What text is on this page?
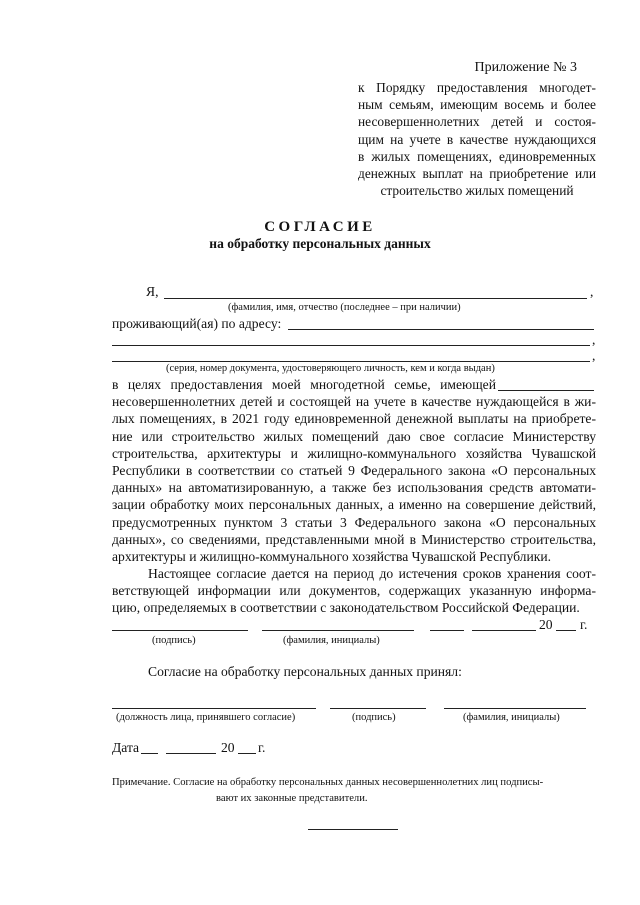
Приложение № 3
к Порядку предоставления многодет-
ным семьям, имеющим восемь и более
несовершеннолетних детей и состоя-
щим на учете в качестве нуждающихся
в жилых помещениях, единовременных
денежных выплат на приобретение или
строительство жилых помещений
СОГЛАСИЕ
на обработку персональных данных
Я,	,
(фамилия, имя, отчество (последнее – при наличии)
проживающий(ая) по адресу:
,
,
(серия, номер документа, удостоверяющего личность, кем и когда выдан)
в целях предоставления моей многодетной семье, имеющей
несовершеннолетних детей и состоящей на учете в качестве нуждающейся в жи-
лых помещениях, в 2021 году единовременной денежной выплаты на приобрете-
ние или строительство жилых помещений даю свое согласие Министерству
строительства, архитектуры и жилищно-коммунального хозяйства Чувашской
Республики в соответствии со статьей 9 Федерального закона «О персональных
данных» на автоматизированную, а также без использования средств автомати-
зации обработку моих персональных данных, а именно на совершение действий,
предусмотренных пунктом 3 статьи 3 Федерального закона «О персональных
данных», со сведениями, представленными мной в Министерство строительства,
архитектуры и жилищно-коммунального хозяйства Чувашской Республики.
Настоящее согласие дается на период до истечения сроков хранения соот-
ветствующей информации или документов, содержащих указанную информа-
цию, определяемых в соответствии с законодательством Российской Федерации.
20 г.
(подпись)	(фамилия, инициалы)
Согласие на обработку персональных данных принял:
(должность лица, принявшего согласие)	(подпись)	(фамилия, инициалы)
Дата	20 г.
Примечание. Согласие на обработку персональных данных несовершеннолетних лиц подписы-
вают их законные представители.
